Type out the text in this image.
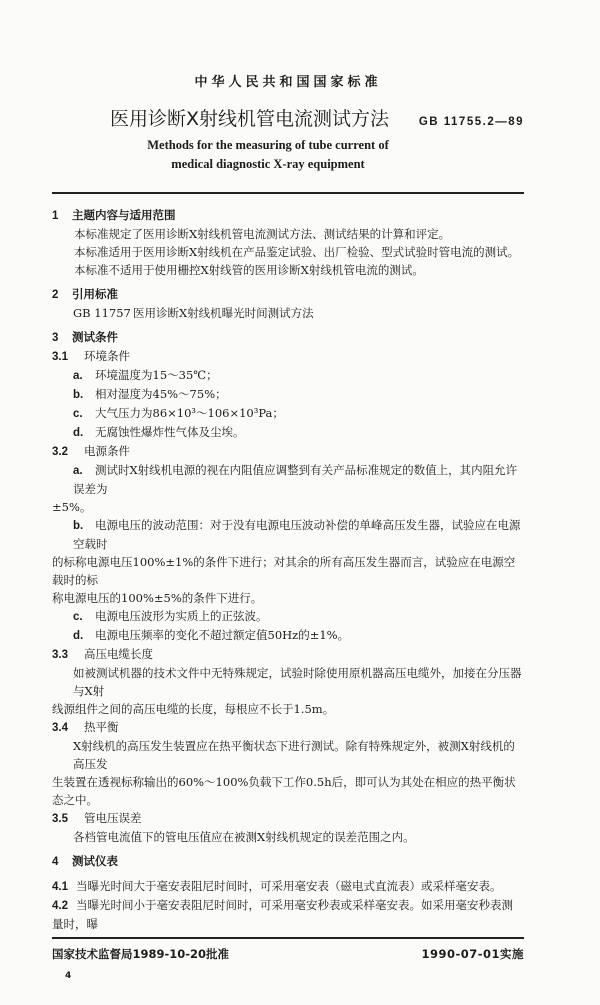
中华人民共和国国家标准
医用诊断X射线机管电流测试方法	GB 11755.2—89
Methods for the measuring of tube current of
medical diagnostic X-ray equipment
1 主题内容与适用范围
本标准规定了医用诊断X射线机管电流测试方法、测试结果的计算和评定。
本标准适用于医用诊断X射线机在产品鉴定试验、出厂检验、型式试验时管电流的测试。
本标准不适用于使用栅控X射线管的医用诊断X射线机管电流的测试。
2 引用标准
GB 11757 医用诊断X射线机曝光时间测试方法
3 测试条件
3.1 环境条件
a. 环境温度为15～35℃；
b. 相对湿度为45%～75%；
c. 大气压力为86×10³～106×10³Pa；
d. 无腐蚀性爆炸性气体及尘埃。
3.2 电源条件
a. 测试时X射线机电源的视在内阻值应调整到有关产品标准规定的数值上，其内阻允许误差为
±5%。
b. 电源电压的波动范围：对于没有电源电压波动补偿的单峰高压发生器，试验应在电源空载时
的标称电源电压100%±1%的条件下进行；对其余的所有高压发生器而言，试验应在电源空载时的标
称电源电压的100%±5%的条件下进行。
c. 电源电压波形为实质上的正弦波。
d. 电源电压频率的变化不超过额定值50Hz的±1%。
3.3 高压电缆长度
如被测试机器的技术文件中无特殊规定，试验时除使用原机器高压电缆外，加接在分压器与X射
线源组件之间的高压电缆的长度，每根应不长于1.5m。
3.4 热平衡
X射线机的高压发生装置应在热平衡状态下进行测试。除有特殊规定外，被测X射线机的高压发
生装置在透视标称输出的60%～100%负载下工作0.5h后，即可认为其处在相应的热平衡状态之中。
3.5 管电压误差
各档管电流值下的管电压值应在被测X射线机规定的误差范围之内。
4 测试仪表
4.1 当曝光时间大于毫安表阻尼时间时，可采用毫安表（磁电式直流表）或采样毫安表。
4.2 当曝光时间小于毫安表阻尼时间时，可采用毫安秒表或采样毫安表。如采用毫安秒表测量时，曝
国家技术监督局1989-10-20批准	1990-07-01实施
4
